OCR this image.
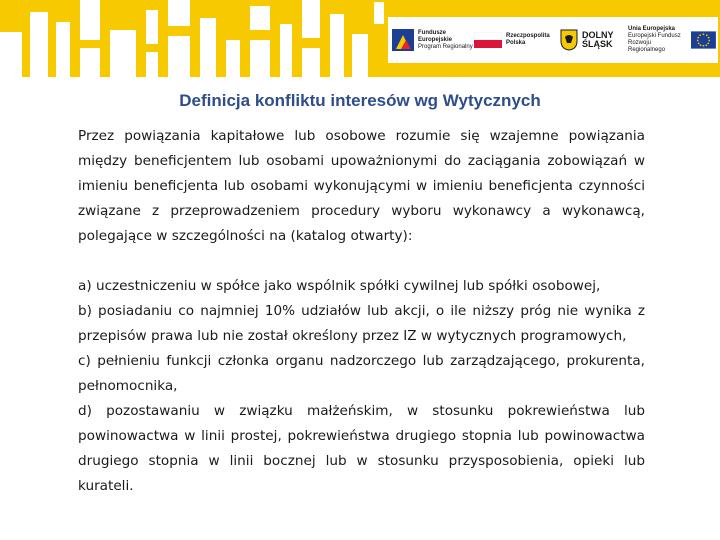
Fundusze
Europejskie
Program Regionalny
Rzeczpospolita
Polska
DOLNY
ŚLĄSK
Unia Europejska
Europejski Fundusz
Rozwoju Regionalnego
Definicja konfliktu interesów wg Wytycznych

Przez powiązania kapitałowe lub osobowe rozumie się wzajemne powiązania między beneficjentem lub osobami upoważnionymi do zaciągania zobowiązań w imieniu beneficjenta lub osobami wykonującymi w imieniu beneficjenta czynności związane z przeprowadzeniem procedury wyboru wykonawcy a wykonawcą, polegające w szczególności na (katalog otwarty):

a) uczestniczeniu w spółce jako wspólnik spółki cywilnej lub spółki osobowej,
b) posiadaniu co najmniej 10% udziałów lub akcji, o ile niższy próg nie wynika z przepisów prawa lub nie został określony przez IZ w wytycznych programowych,
c) pełnieniu funkcji członka organu nadzorczego lub zarządzającego, prokurenta, pełnomocnika,
d) pozostawaniu w związku małżeńskim, w stosunku pokrewieństwa lub powinowactwa w linii prostej, pokrewieństwa drugiego stopnia lub powinowactwa drugiego stopnia w linii bocznej lub w stosunku przysposobienia, opieki lub kurateli.
